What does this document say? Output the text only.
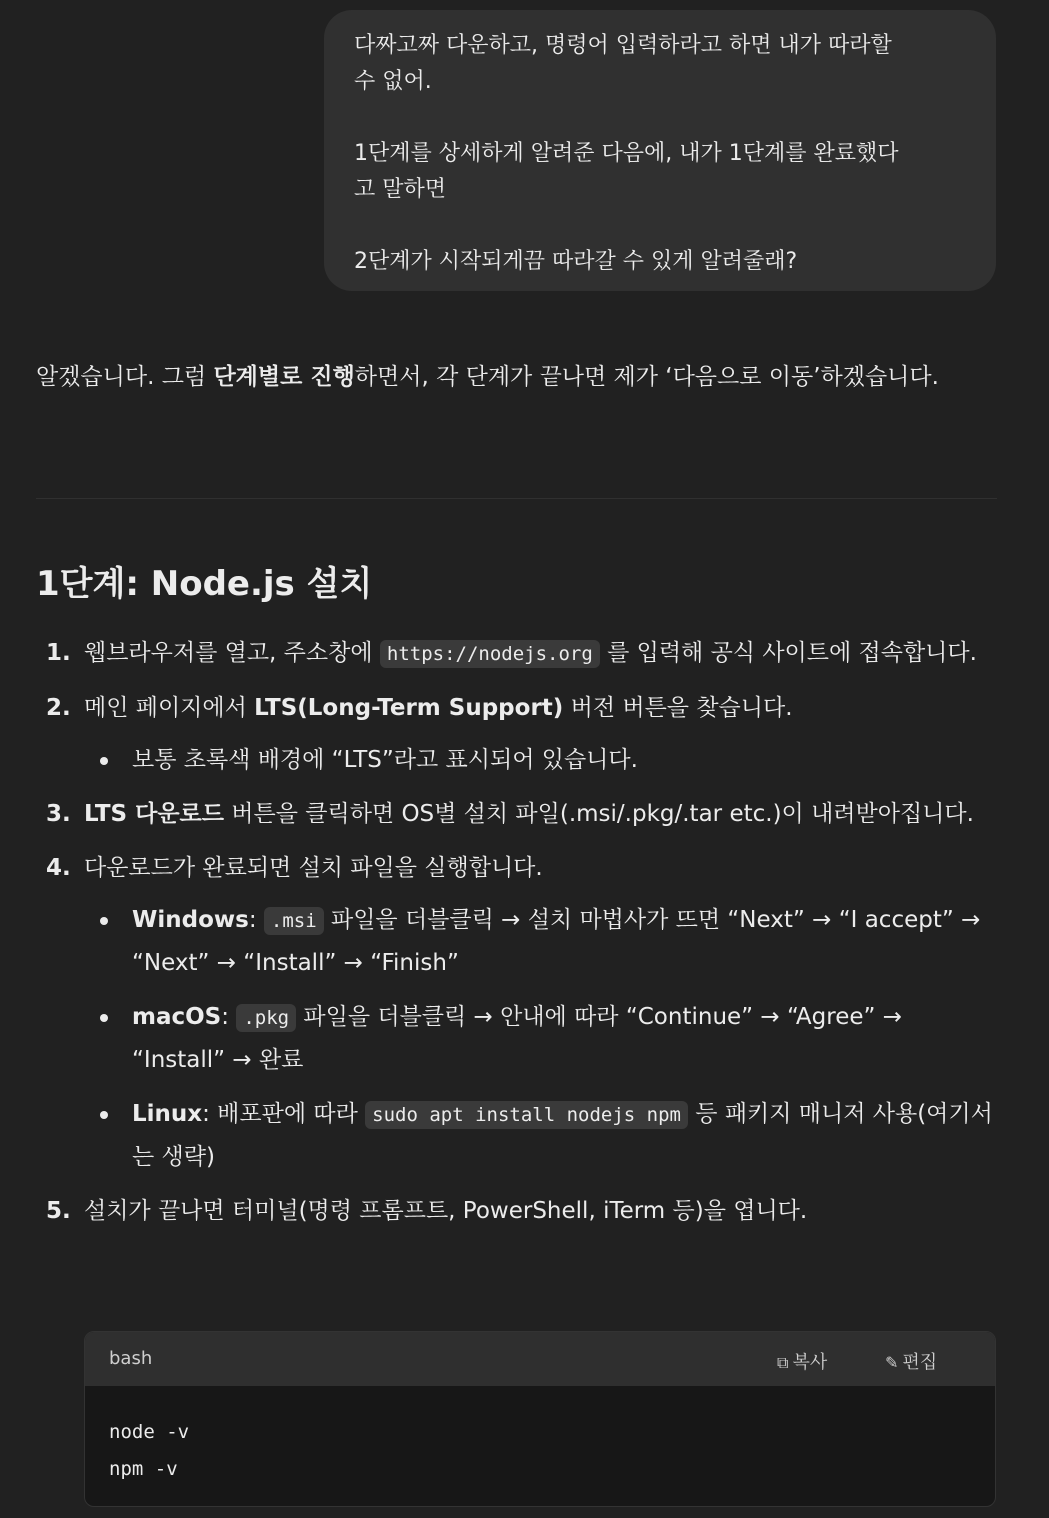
다짜고짜 다운하고, 명령어 입력하라고 하면 내가 따라할

수 없어.

1단계를 상세하게 알려준 다음에, 내가 1단계를 완료했다

고 말하면

2단계가 시작되게끔 따라갈 수 있게 알려줄래?

알겠습니다. 그럼 단계별로 진행하면서, 각 단계가 끝나면 제가 ‘다음으로 이동’하겠습니다.

1단계: Node.js 설치
1. 웹브라우저를 열고, 주소창에 https://nodejs.org 를 입력해 공식 사이트에 접속합니다.
2. 메인 페이지에서 LTS(Long-Term Support) 버전 버튼을 찾습니다.
보통 초록색 배경에 “LTS”라고 표시되어 있습니다.
3. LTS 다운로드 버튼을 클릭하면 OS별 설치 파일(.msi/.pkg/.tar etc.)이 내려받아집니다.
4. 다운로드가 완료되면 설치 파일을 실행합니다.
Windows: .msi 파일을 더블클릭 → 설치 마법사가 뜨면 “Next” → “I accept” → “Next” → “Install” → “Finish”
macOS: .pkg 파일을 더블클릭 → 안내에 따라 “Continue” → “Agree” → “Install” → 완료
Linux: 배포판에 따라 sudo apt install nodejs npm 등 패키지 매니저 사용(여기서는 생략)
5. 설치가 끝나면 터미널(명령 프롬프트, PowerShell, iTerm 등)을 엽니다.
bash	⧉ 복사	✎ 편집
node -v
npm -v
